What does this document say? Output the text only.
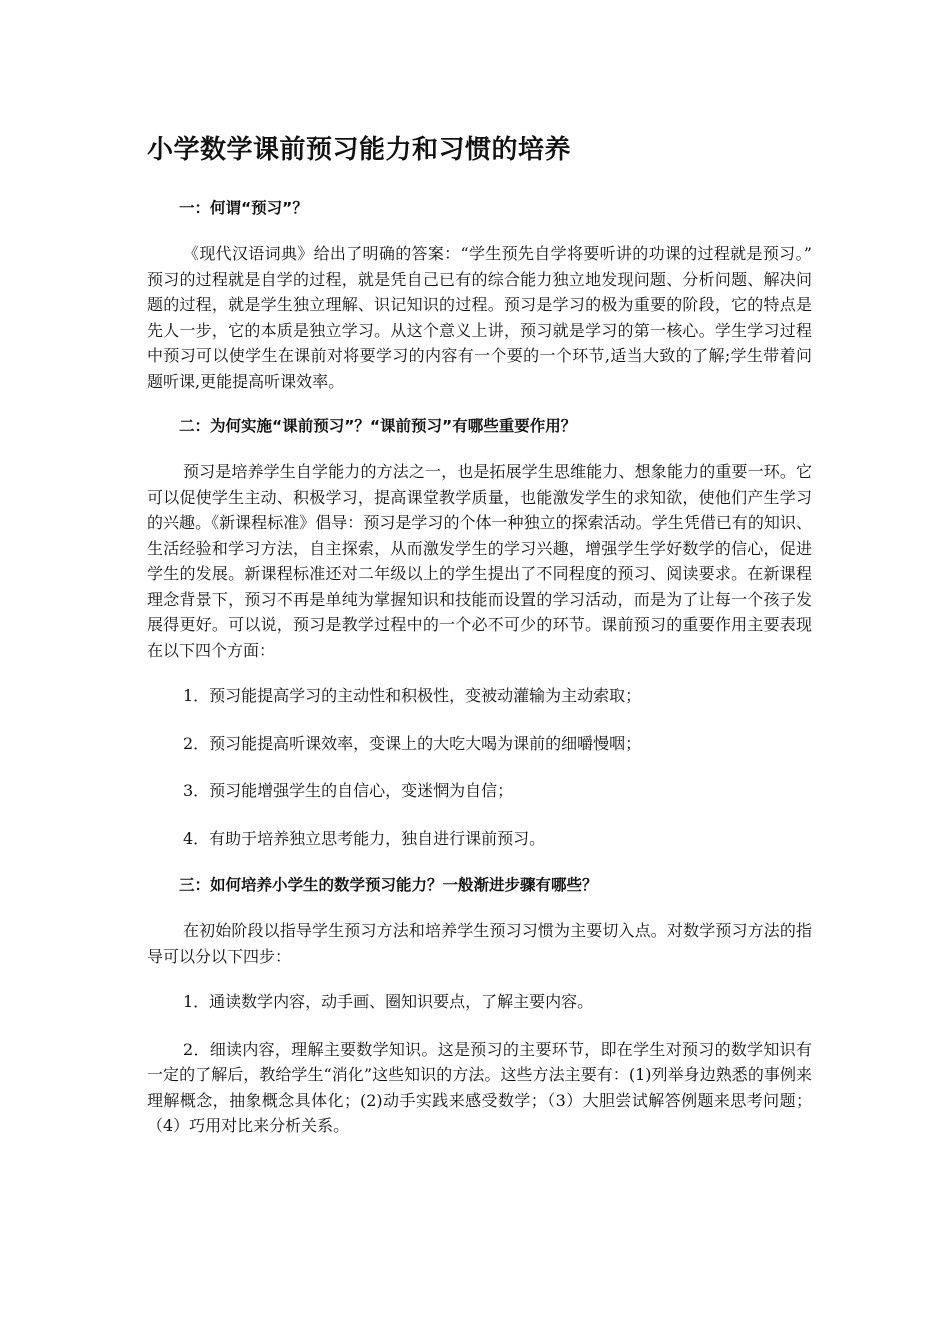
小学数学课前预习能力和习惯的培养
一：何谓“预习”？

《现代汉语词典》给出了明确的答案：“学生预先自学将要听讲的功课的过程就是预习。” 预习的过程就是自学的过程，就是凭自己已有的综合能力独立地发现问题、分析问题、解决问题的过程，就是学生独立理解、识记知识的过程。预习是学习的极为重要的阶段，它的特点是先人一步，它的本质是独立学习。从这个意义上讲，预习就是学习的第一核心。学生学习过程中预习可以使学生在课前对将要学习的内容有一个要的一个环节,适当大致的了解;学生带着问题听课,更能提高听课效率。

二：为何实施“课前预习”？“课前预习”有哪些重要作用？

预习是培养学生自学能力的方法之一，也是拓展学生思维能力、想象能力的重要一环。它可以促使学生主动、积极学习，提高课堂教学质量，也能激发学生的求知欲，使他们产生学习的兴趣。《新课程标准》倡导：预习是学习的个体一种独立的探索活动。学生凭借已有的知识、生活经验和学习方法，自主探索，从而激发学生的学习兴趣，增强学生学好数学的信心，促进学生的发展。新课程标准还对二年级以上的学生提出了不同程度的预习、阅读要求。在新课程理念背景下，预习不再是单纯为掌握知识和技能而设置的学习活动，而是为了让每一个孩子发展得更好。可以说，预习是教学过程中的一个必不可少的环节。课前预习的重要作用主要表现在以下四个方面：

1．预习能提高学习的主动性和积极性，变被动灌输为主动索取；

2．预习能提高听课效率，变课上的大吃大喝为课前的细嚼慢咽；

3．预习能增强学生的自信心，变迷惘为自信；

4．有助于培养独立思考能力，独自进行课前预习。

三：如何培养小学生的数学预习能力？一般渐进步骤有哪些？

在初始阶段以指导学生预习方法和培养学生预习习惯为主要切入点。对数学预习方法的指导可以分以下四步：

1．通读数学内容，动手画、圈知识要点，了解主要内容。

2．细读内容，理解主要数学知识。这是预习的主要环节，即在学生对预习的数学知识有一定的了解后，教给学生“消化”这些知识的方法。这些方法主要有：(1)列举身边熟悉的事例来理解概念，抽象概念具体化；(2)动手实践来感受数学；（3）大胆尝试解答例题来思考问题；（4）巧用对比来分析关系。
